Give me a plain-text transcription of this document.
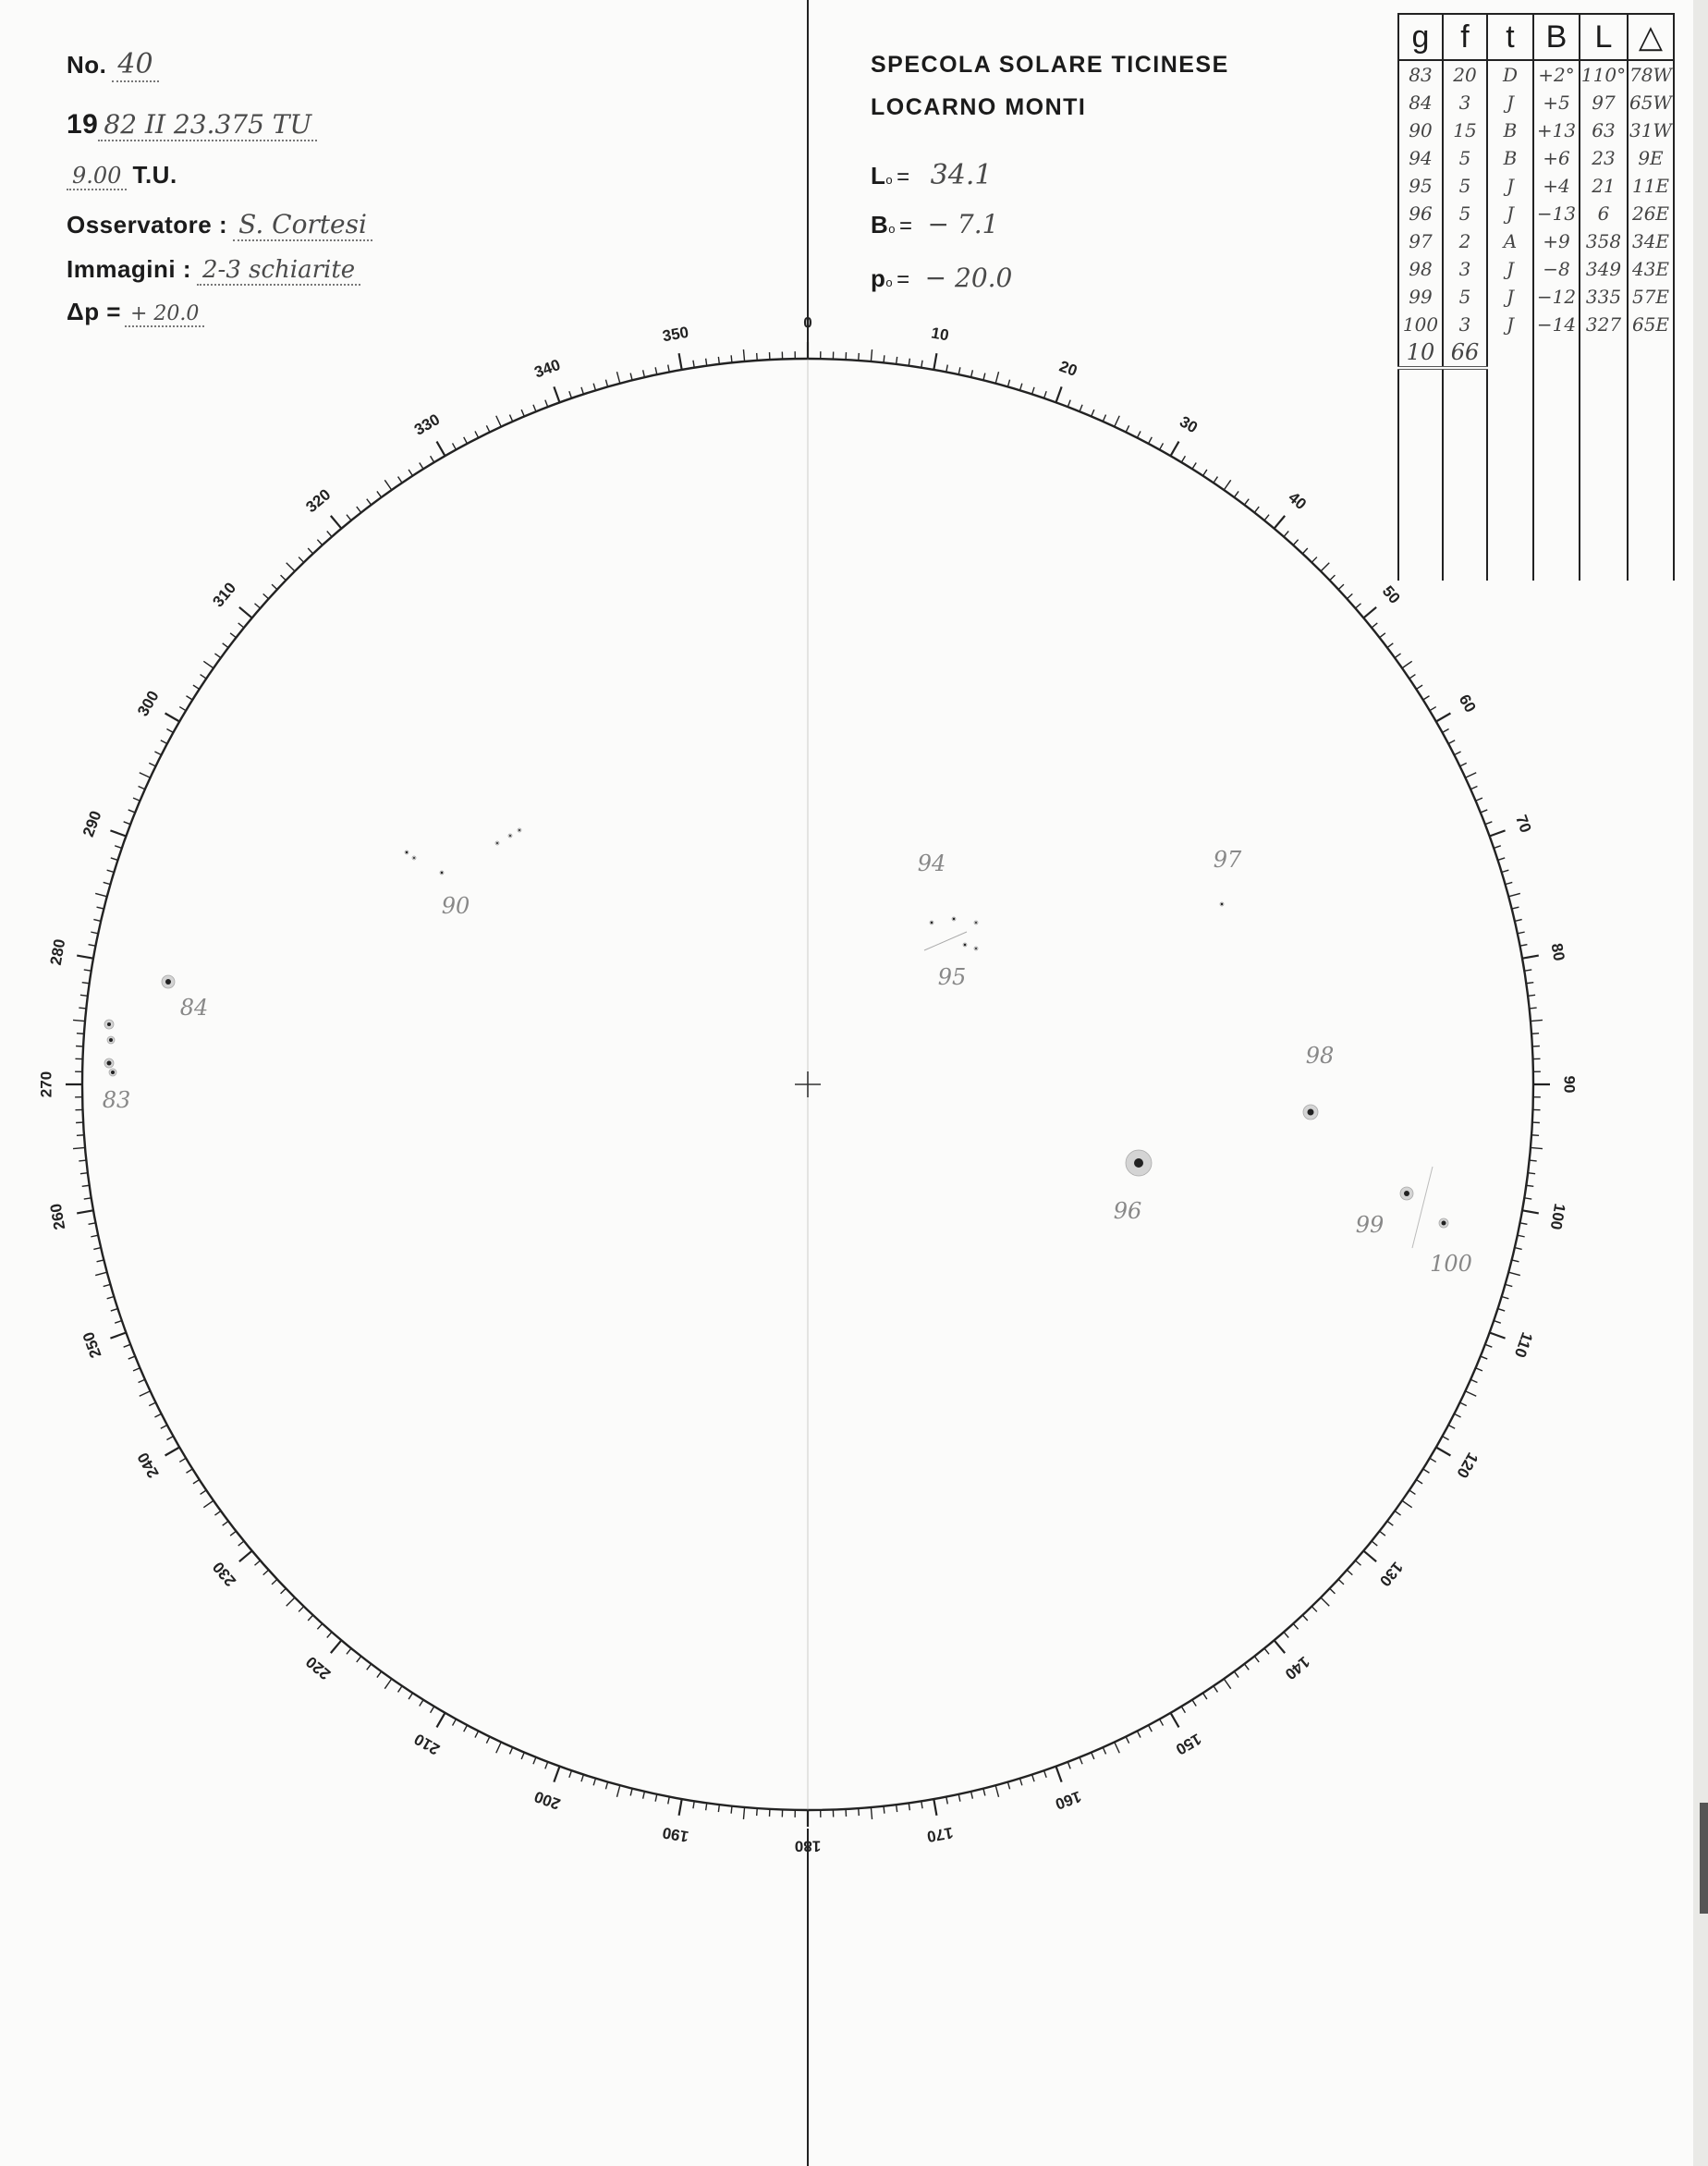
No. 40
19 82 II 23.375 TU
9.00 T.U.
Osservatore : S. Cortesi
Immagini : 2-3 schiarite
Δp = + 20.0
SPECOLA SOLARE TICINESE
LOCARNO MONTI
L o = 34.1
B o = − 7.1
p o = − 20.0
g	f	t	B	L	△
83	20	D	+2°	110°	78W
84	3	J	+5	97	65W
90	15	B	+13	63	31W
94	5	B	+6	23	9E
95	5	J	+4	21	11E
96	5	J	−13	6	26E
97	2	A	+9	358	34E
98	3	J	−8	349	43E
99	5	J	−12	335	57E
100	3	J	−14	327	65E
10	66				

0
10
20
30
40
50
60
70
80
90
100
110
120
130
140
150
160
170
180
190
200
210
220
230
240
250
260
270
280
290
300
310
320
330
340
350
83
84
90
94
95
96
97
98
99
100
